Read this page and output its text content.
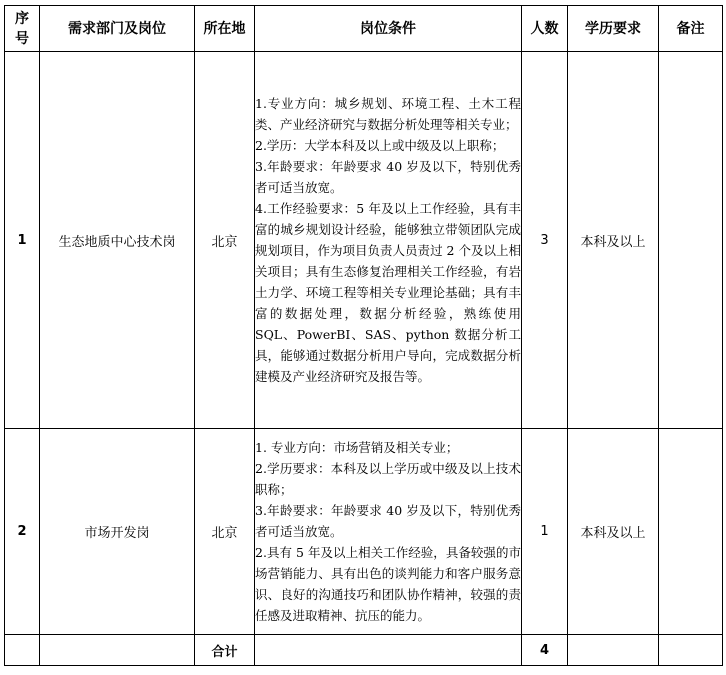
序号	需求部门及岗位	所在地	岗位条件	人数	学历要求	备注
1	生态地质中心技术岗	北京	1.专业方向：城乡规划、环境工程、土木工程类、产业经济研究与数据分析处理等相关专业；
2.学历：大学本科及以上或中级及以上职称；
3.年龄要求：年龄要求 40 岁及以下，特别优秀者可适当放宽。
4.工作经验要求：5 年及以上工作经验，具有丰富的城乡规划设计经验，能够独立带领团队完成规划项目，作为项目负责人员责过 2 个及以上相关项目；具有生态修复治理相关工作经验，有岩土力学、环境工程等相关专业理论基础；具有丰富的数据处理，数据分析经验，熟练使用 SQL、PowerBI、SAS、python 数据分析工具，能够通过数据分析用户导向，完成数据分析建模及产业经济研究及报告等。	3	本科及以上	
2	市场开发岗	北京	1. 专业方向：市场营销及相关专业；
2.学历要求：本科及以上学历或中级及以上技术职称；
3.年龄要求：年龄要求 40 岁及以下，特别优秀者可适当放宽。
2.具有 5 年及以上相关工作经验，具备较强的市场营销能力、具有出色的谈判能力和客户服务意识、良好的沟通技巧和团队协作精神，较强的责任感及进取精神、抗压的能力。	1	本科及以上	
		合计		4		
